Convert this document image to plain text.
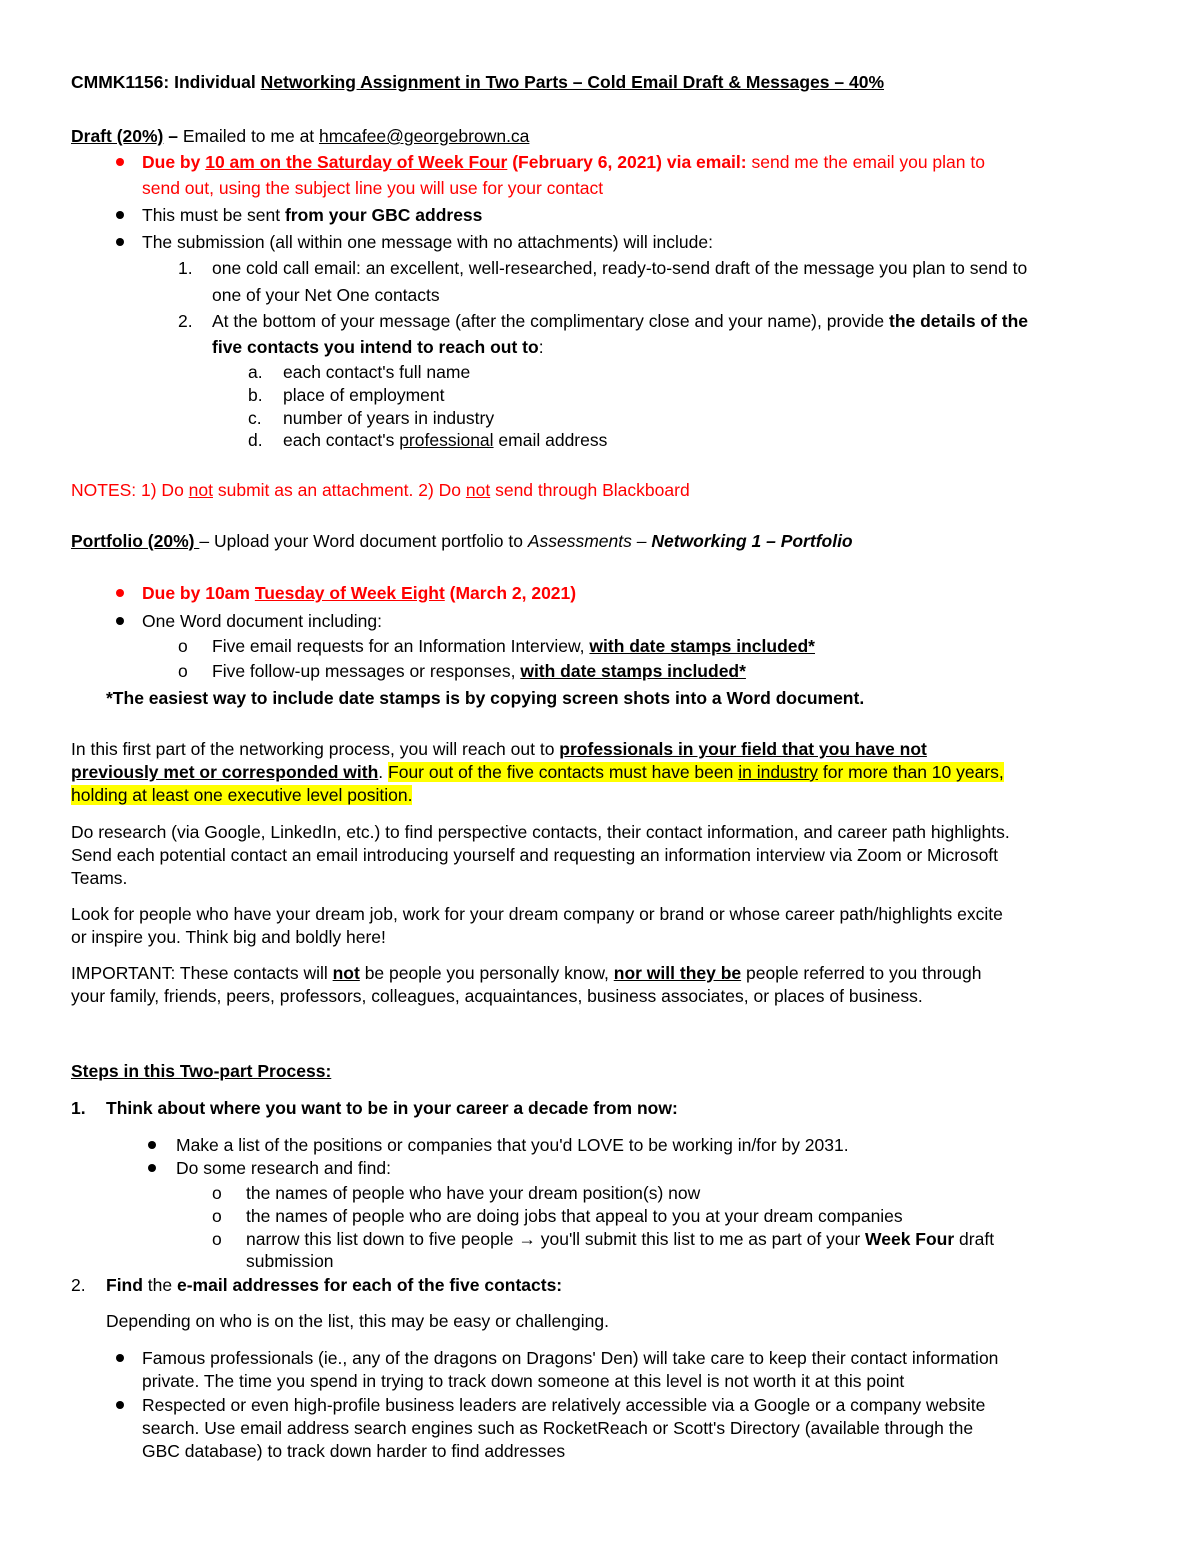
CMMK1156: Individual Networking Assignment in Two Parts – Cold Email Draft & Messages – 40%
Draft (20%) – Emailed to me at hmcafee@georgebrown.ca
Due by 10 am on the Saturday of Week Four (February 6, 2021) via email: send me the email you plan to
send out, using the subject line you will use for your contact
This must be sent from your GBC address
The submission (all within one message with no attachments) will include:
1. one cold call email: an excellent, well-researched, ready-to-send draft of the message you plan to send to
one of your Net One contacts
2. At the bottom of your message (after the complimentary close and your name), provide the details of the
five contacts you intend to reach out to:
a. each contact's full name
b. place of employment
c. number of years in industry
d. each contact's professional email address
NOTES: 1) Do not submit as an attachment. 2) Do not send through Blackboard
Portfolio (20%) – Upload your Word document portfolio to Assessments – Networking 1 – Portfolio
Due by 10am Tuesday of Week Eight (March 2, 2021)
One Word document including:
o Five email requests for an Information Interview, with date stamps included*
o Five follow-up messages or responses, with date stamps included*
*The easiest way to include date stamps is by copying screen shots into a Word document.
In this first part of the networking process, you will reach out to professionals in your field that you have not
previously met or corresponded with. Four out of the five contacts must have been in industry for more than 10 years,
holding at least one executive level position.
Do research (via Google, LinkedIn, etc.) to find perspective contacts, their contact information, and career path highlights.
Send each potential contact an email introducing yourself and requesting an information interview via Zoom or Microsoft
Teams.
Look for people who have your dream job, work for your dream company or brand or whose career path/highlights excite
or inspire you. Think big and boldly here!
IMPORTANT: These contacts will not be people you personally know, nor will they be people referred to you through
your family, friends, peers, professors, colleagues, acquaintances, business associates, or places of business.
Steps in this Two-part Process:
1. Think about where you want to be in your career a decade from now:
Make a list of the positions or companies that you'd LOVE to be working in/for by 2031.
Do some research and find:
o the names of people who have your dream position(s) now
o the names of people who are doing jobs that appeal to you at your dream companies
o narrow this list down to five people → you'll submit this list to me as part of your Week Four draft
submission
2. Find the e-mail addresses for each of the five contacts:
Depending on who is on the list, this may be easy or challenging.
Famous professionals (ie., any of the dragons on Dragons' Den) will take care to keep their contact information
private. The time you spend in trying to track down someone at this level is not worth it at this point
Respected or even high-profile business leaders are relatively accessible via a Google or a company website
search. Use email address search engines such as RocketReach or Scott's Directory (available through the
GBC database) to track down harder to find addresses
